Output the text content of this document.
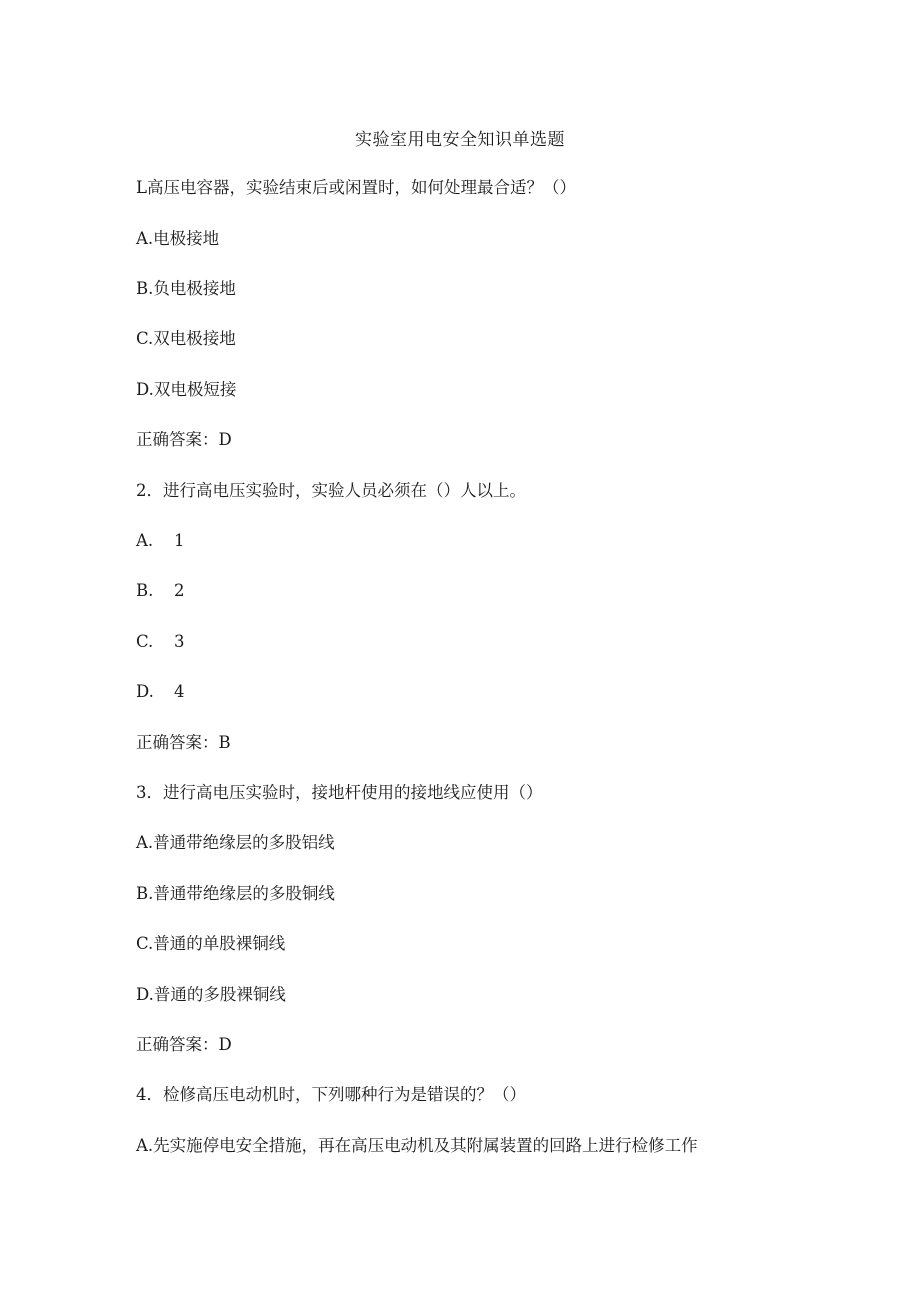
实验室用电安全知识单选题
L高压电容器，实验结束后或闲置时，如何处理最合适？（）
A.电极接地
B.负电极接地
C.双电极接地
D.双电极短接
正确答案：D
2．进行高电压实验时，实验人员必须在（）人以上。
A. 1
B. 2
C. 3
D. 4
正确答案：B
3．进行高电压实验时，接地杆使用的接地线应使用（）
A.普通带绝缘层的多股铝线
B.普通带绝缘层的多股铜线
C.普通的单股裸铜线
D.普通的多股裸铜线
正确答案：D
4．检修高压电动机时，下列哪种行为是错误的？（）
A.先实施停电安全措施，再在高压电动机及其附属装置的回路上进行检修工作
